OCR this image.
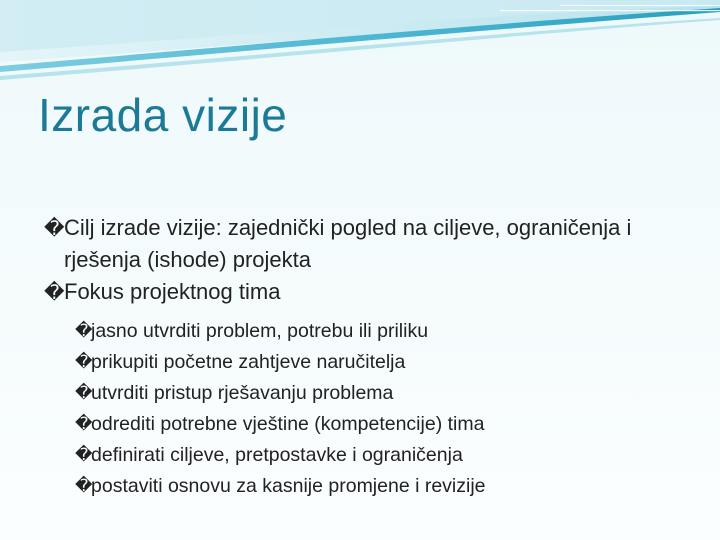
Izrada vizije
� Cilj izrade vizije: zajednički pogled na ciljeve, ograničenja i rješenja (ishode) projekta
� Fokus projektnog tima
�
jasno utvrditi problem, potrebu ili priliku
�
prikupiti početne zahtjeve naručitelja
�
utvrditi pristup rješavanju problema
�
odrediti potrebne vještine (kompetencije) tima
�
definirati ciljeve, pretpostavke i ograničenja
�
postaviti osnovu za kasnije promjene i revizije
